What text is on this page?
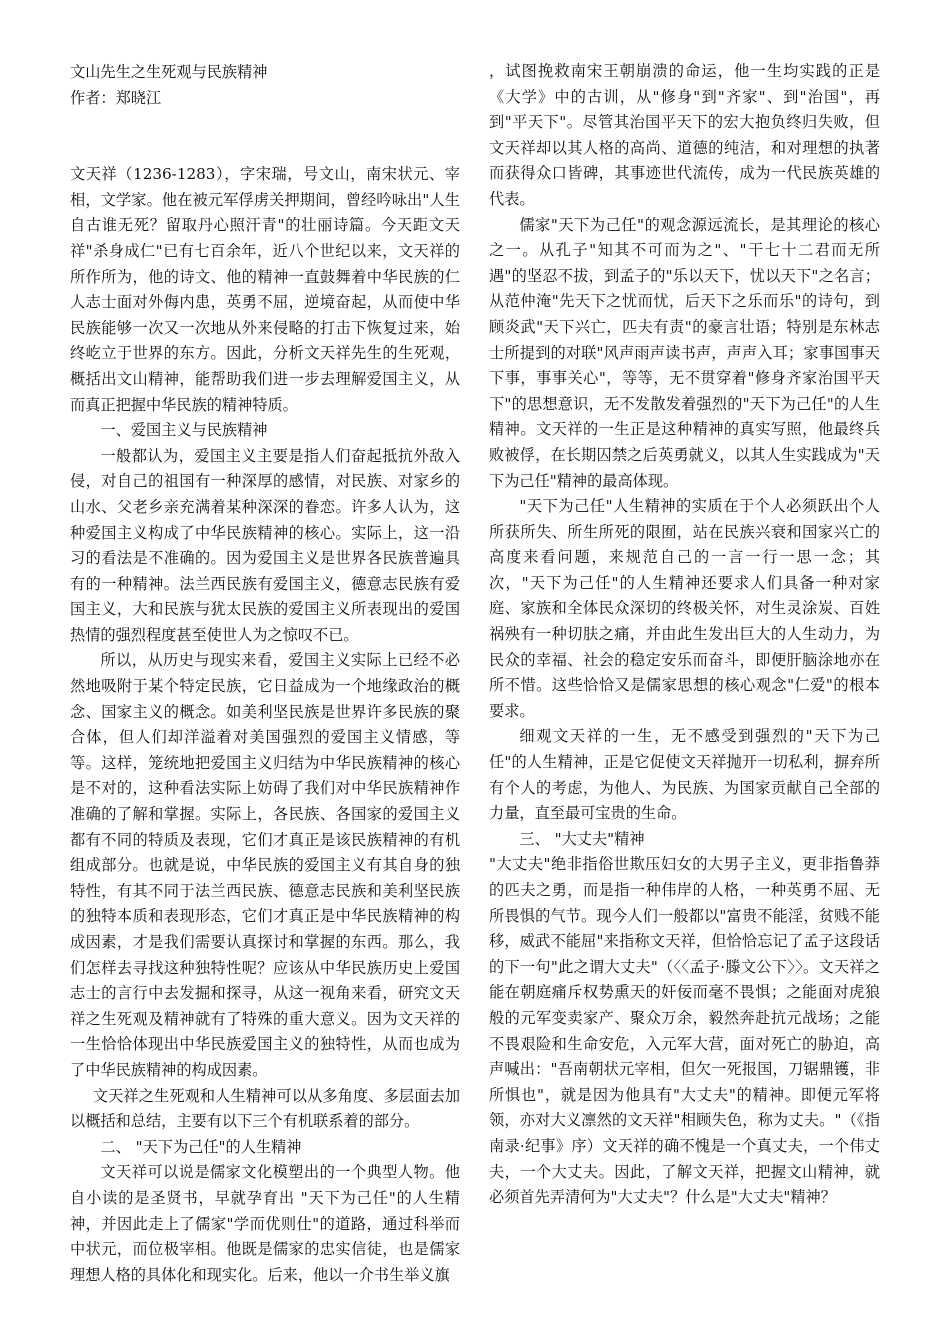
文山先生之生死观与民族精神

作者：郑晓江

文天祥（1236-1283），字宋瑞，号文山，南宋状元、宰相，文学家。他在被元军俘虏关押期间，曾经吟咏出"人生自古谁无死？留取丹心照汗青"的壮丽诗篇。今天距文天祥"杀身成仁"已有七百余年，近八个世纪以来，文天祥的所作所为，他的诗文、他的精神一直鼓舞着中华民族的仁人志士面对外侮内患，英勇不屈，逆境奋起，从而使中华民族能够一次又一次地从外来侵略的打击下恢复过来，始终屹立于世界的东方。因此，分析文天祥先生的生死观，概括出文山精神，能帮助我们进一步去理解爱国主义，从而真正把握中华民族的精神特质。

一、爱国主义与民族精神

一般都认为，爱国主义主要是指人们奋起抵抗外敌入侵，对自己的祖国有一种深厚的感情，对民族、对家乡的山水、父老乡亲充满着某种深深的眷恋。许多人认为，这种爱国主义构成了中华民族精神的核心。实际上，这一沿习的看法是不准确的。因为爱国主义是世界各民族普遍具有的一种精神。法兰西民族有爱国主义，德意志民族有爱国主义，大和民族与犹太民族的爱国主义所表现出的爱国热情的强烈程度甚至使世人为之惊叹不已。

所以，从历史与现实来看，爱国主义实际上已经不必然地吸附于某个特定民族，它日益成为一个地缘政治的概念、国家主义的概念。如美利坚民族是世界许多民族的聚合体，但人们却洋溢着对美国强烈的爱国主义情感，等等。这样，笼统地把爱国主义归结为中华民族精神的核心是不对的，这种看法实际上妨碍了我们对中华民族精神作准确的了解和掌握。实际上，各民族、各国家的爱国主义都有不同的特质及表现，它们才真正是该民族精神的有机组成部分。也就是说，中华民族的爱国主义有其自身的独特性，有其不同于法兰西民族、德意志民族和美利坚民族的独特本质和表现形态，它们才真正是中华民族精神的构成因素，才是我们需要认真探讨和掌握的东西。那么，我们怎样去寻找这种独特性呢？应该从中华民族历史上爱国志士的言行中去发掘和探寻，从这一视角来看，研究文天祥之生死观及精神就有了特殊的重大意义。因为文天祥的一生恰恰体现出中华民族爱国主义的独特性，从而也成为了中华民族精神的构成因素。

文天祥之生死观和人生精神可以从多角度、多层面去加以概括和总结，主要有以下三个有机联系着的部分。

二、 "天下为己任"的人生精神

文天祥可以说是儒家文化模塑出的一个典型人物。他自小读的是圣贤书，早就孕育出 "天下为己任"的人生精神，并因此走上了儒家"学而优则仕"的道路，通过科举而中状元，而位极宰相。他既是儒家的忠实信徒，也是儒家理想人格的具体化和现实化。后来，他以一介书生举义旗

，试图挽救南宋王朝崩溃的命运，他一生均实践的正是《大学》中的古训，从"修身"到"齐家"、到"治国"，再到"平天下"。尽管其治国平天下的宏大抱负终归失败，但文天祥却以其人格的高尚、道德的纯洁，和对理想的执著而获得众口皆碑，其事迹世代流传，成为一代民族英雄的代表。

儒家"天下为己任"的观念源远流长，是其理论的核心之一。从孔子"知其不可而为之"、"干七十二君而无所遇"的坚忍不拔，到孟子的"乐以天下，忧以天下"之名言；从范仲淹"先天下之忧而忧，后天下之乐而乐"的诗句，到顾炎武"天下兴亡，匹夫有责"的豪言壮语；特别是东林志士所提到的对联"风声雨声读书声，声声入耳；家事国事天下事，事事关心"，等等，无不贯穿着"修身齐家治国平天下"的思想意识，无不发散发着强烈的"天下为己任"的人生精神。文天祥的一生正是这种精神的真实写照，他最终兵败被俘，在长期囚禁之后英勇就义，以其人生实践成为"天下为己任"精神的最高体现。

"天下为己任"人生精神的实质在于个人必须跃出个人所获所失、所生所死的限囿，站在民族兴衰和国家兴亡的高度来看问题，来规范自己的一言一行一思一念；其次，"天下为己任"的人生精神还要求人们具备一种对家庭、家族和全体民众深切的终极关怀，对生灵涂炭、百姓祸殃有一种切肤之痛，并由此生发出巨大的人生动力，为民众的幸福、社会的稳定安乐而奋斗，即便肝脑涂地亦在所不惜。这些恰恰又是儒家思想的核心观念"仁爱"的根本要求。

细观文天祥的一生，无不感受到强烈的"天下为己任"的人生精神，正是它促使文天祥抛开一切私利，摒弃所有个人的考虑，为他人、为民族、为国家贡献自己全部的力量，直至最可宝贵的生命。

三、 "大丈夫"精神

"大丈夫"绝非指俗世欺压妇女的大男子主义，更非指鲁莽的匹夫之勇，而是指一种伟岸的人格，一种英勇不屈、无所畏惧的气节。现今人们一般都以"富贵不能淫，贫贱不能移，威武不能屈"来指称文天祥，但恰恰忘记了孟子这段话的下一句"此之谓大丈夫"（〈〈孟子·滕文公下〉〉。文天祥之能在朝庭痛斥权势熏天的奸佞而毫不畏惧；之能面对虎狼般的元军变卖家产、聚众万余，毅然奔赴抗元战场；之能不畏艰险和生命安危，入元军大营，面对死亡的胁迫，高声喊出："吾南朝状元宰相，但欠一死报国，刀锯鼎镬，非所惧也"，就是因为他具有"大丈夫"的精神。即便元军将领，亦对大义凛然的文天祥"相顾失色，称为丈夫。"（《指南录·纪事》序）文天祥的确不愧是一个真丈夫，一个伟丈夫，一个大丈夫。因此，了解文天祥，把握文山精神，就必须首先弄清何为"大丈夫"？什么是"大丈夫"精神？
